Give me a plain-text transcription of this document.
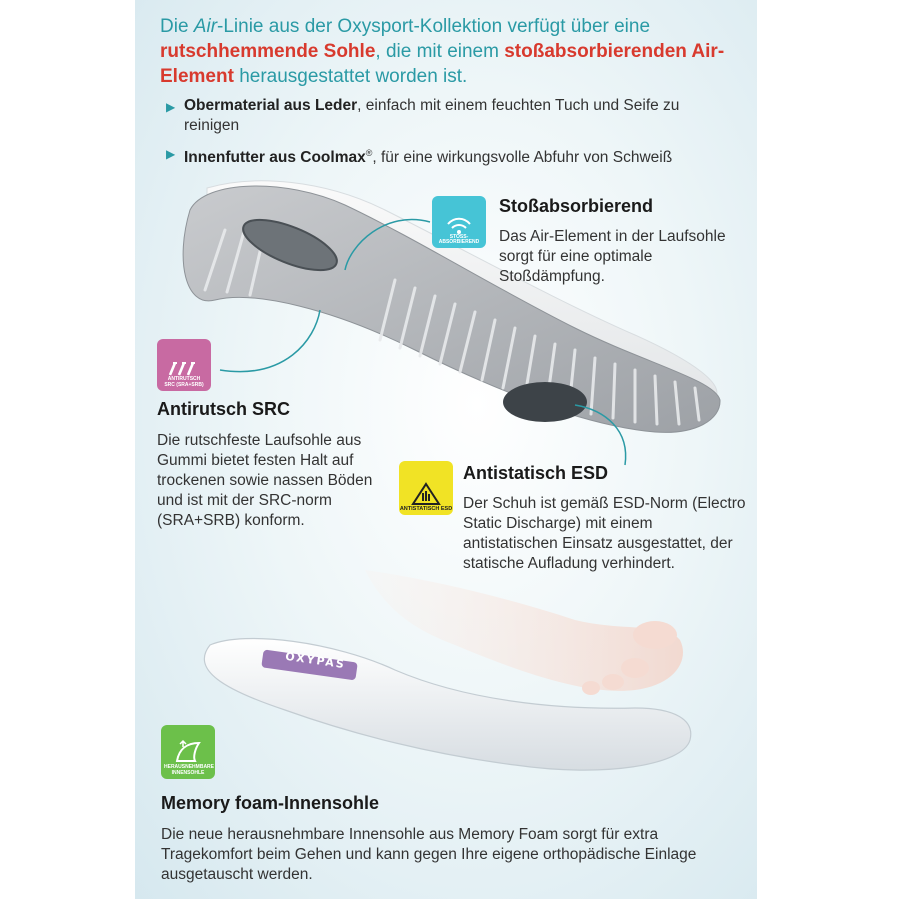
Die Air-Linie aus der Oxysport-Kollektion verfügt über eine rutschhemmende Sohle, die mit einem stoßabsorbierenden Air-Element herausgestattet worden ist.
▶ Obermaterial aus Leder, einfach mit einem feuchten Tuch und Seife zu reinigen
▶ Innenfutter aus Coolmax®, für eine wirkungsvolle Abfuhr von Schweiß
OXYPAS
STOSS-ABSORBIEREND
Stoßabsorbierend
Das Air-Element in der Laufsohle sorgt für eine optimale Stoßdämpfung.
ANTIRUTSCH SRC (SRA+SRB)
Antirutsch SRC
Die rutschfeste Laufsohle aus Gummi bietet festen Halt auf trockenen sowie nassen Böden und ist mit der SRC-norm (SRA+SRB) konform.
ANTISTATISCH ESD
Antistatisch ESD
Der Schuh ist gemäß ESD-Norm (Electro Static Discharge) mit einem antistatischen Einsatz ausgestattet, der statische Aufladung verhindert.
HERAUSNEHMBARE INNENSOHLE
Memory foam-Innensohle
Die neue herausnehmbare Innensohle aus Memory Foam sorgt für extra Tragekomfort beim Gehen und kann gegen Ihre eigene orthopädische Einlage ausgetauscht werden.
